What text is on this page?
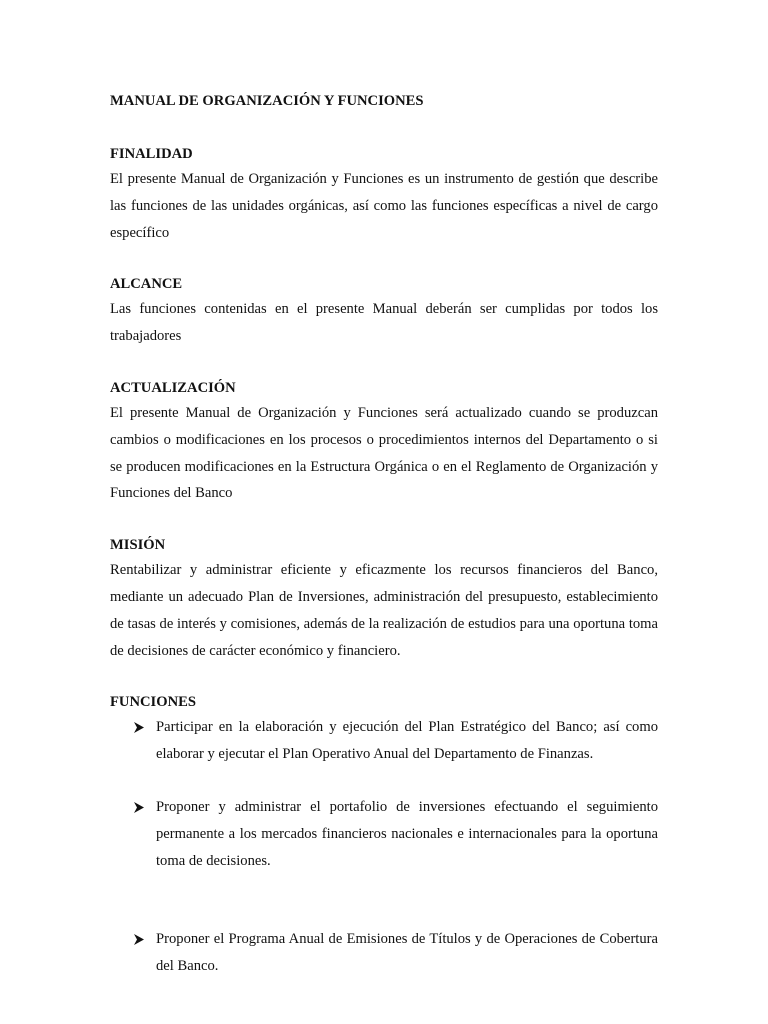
MANUAL DE ORGANIZACIÓN Y FUNCIONES
FINALIDAD

El presente Manual de Organización y Funciones es un instrumento de gestión que describe las funciones de las unidades orgánicas, así como las funciones específicas a nivel de cargo específico

ALCANCE

Las funciones contenidas en el presente Manual deberán ser cumplidas por todos los trabajadores

ACTUALIZACIÓN

El presente Manual de Organización y Funciones será actualizado cuando se produzcan cambios o modificaciones en los procesos o procedimientos internos del Departamento o si se producen modificaciones en la Estructura Orgánica o en el Reglamento de Organización y Funciones del Banco

MISIÓN

Rentabilizar y administrar eficiente y eficazmente los recursos financieros del Banco, mediante un adecuado Plan de Inversiones, administración del presupuesto, establecimiento de tasas de interés y comisiones, además de la realización de estudios para una oportuna toma de decisiones de carácter económico y financiero.

FUNCIONES
Participar en la elaboración y ejecución del Plan Estratégico del Banco; así como elaborar y ejecutar el Plan Operativo Anual del Departamento de Finanzas.
Proponer y administrar el portafolio de inversiones efectuando el seguimiento permanente a los mercados financieros nacionales e internacionales para la oportuna toma de decisiones.
Proponer el Programa Anual de Emisiones de Títulos y de Operaciones de Cobertura del Banco.
